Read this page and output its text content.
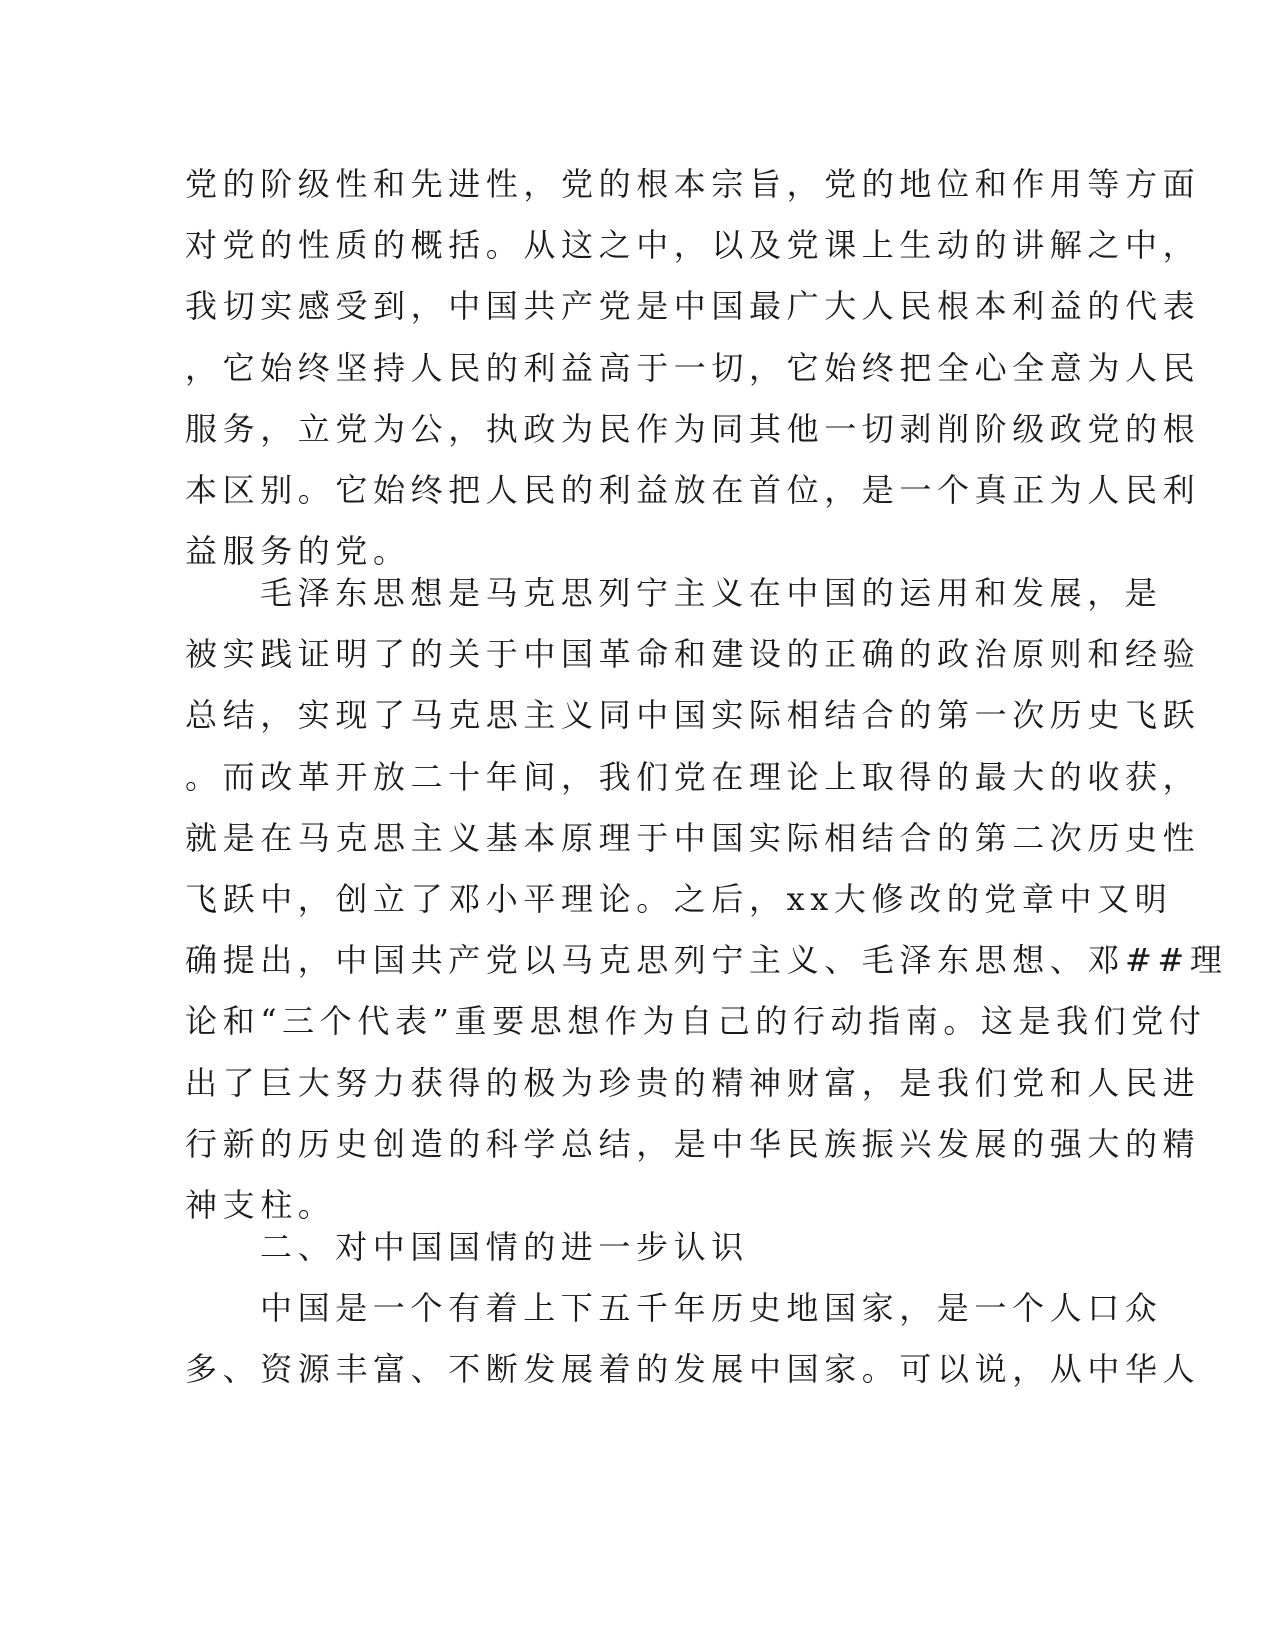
党的阶级性和先进性，党的根本宗旨，党的地位和作用等方面
对党的性质的概括。从这之中，以及党课上生动的讲解之中，
我切实感受到，中国共产党是中国最广大人民根本利益的代表
，它始终坚持人民的利益高于一切，它始终把全心全意为人民
服务，立党为公，执政为民作为同其他一切剥削阶级政党的根
本区别。它始终把人民的利益放在首位，是一个真正为人民利
益服务的党。
毛泽东思想是马克思列宁主义在中国的运用和发展，是
被实践证明了的关于中国革命和建设的正确的政治原则和经验
总结，实现了马克思主义同中国实际相结合的第一次历史飞跃
。而改革开放二十年间，我们党在理论上取得的最大的收获，
就是在马克思主义基本原理于中国实际相结合的第二次历史性
飞跃中，创立了邓小平理论。之后，xx大修改的党章中又明
确提出，中国共产党以马克思列宁主义、毛泽东思想、邓##理
论和“三个代表”重要思想作为自己的行动指南。这是我们党付
出了巨大努力获得的极为珍贵的精神财富，是我们党和人民进
行新的历史创造的科学总结，是中华民族振兴发展的强大的精
神支柱。
二、对中国国情的进一步认识
中国是一个有着上下五千年历史地国家，是一个人口众
多、资源丰富、不断发展着的发展中国家。可以说，从中华人
